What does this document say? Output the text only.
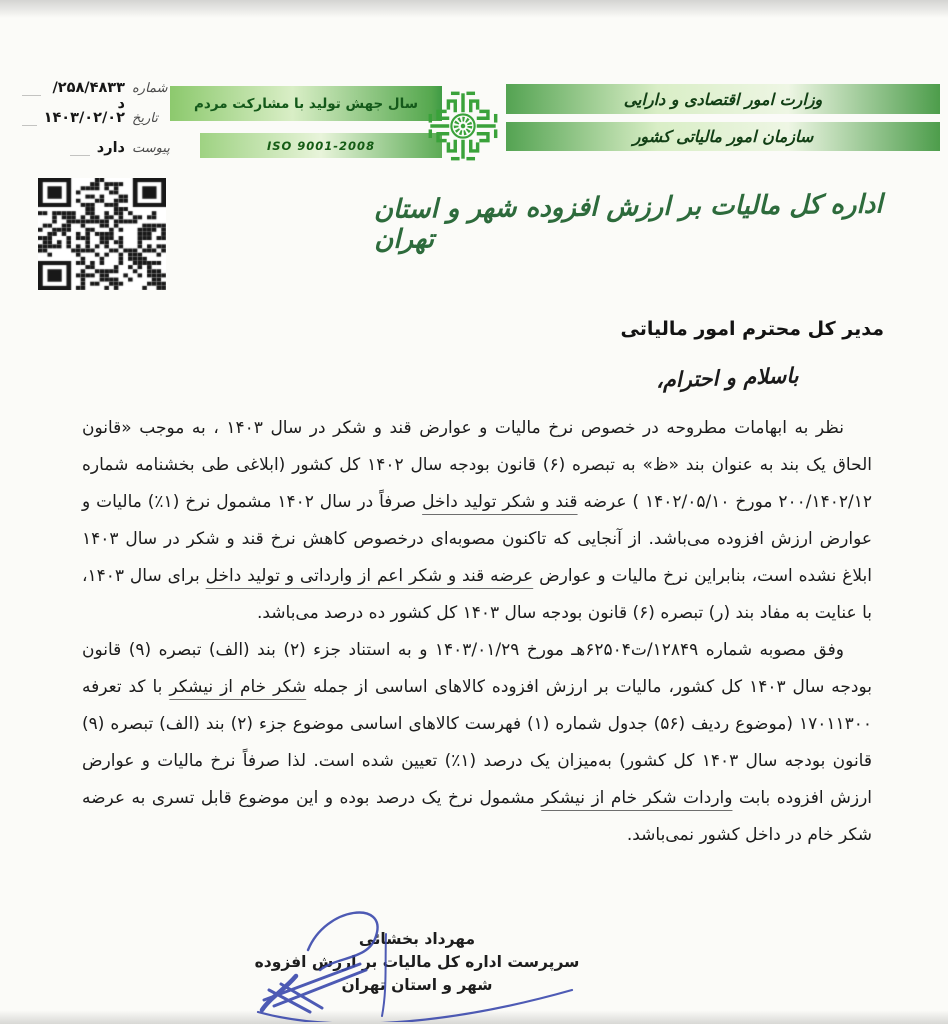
شماره
۲۵۸/۴۸۳۳/د
تاریخ
۱۴۰۳/۰۲/۰۲
پیوست
دارد
سال جهش تولید با مشارکت مردم
ISO 9001-2008
وزارت امور اقتصادی و دارایی
سازمان امور مالیاتی کشور
اداره کل مالیات بر ارزش افزوده شهر و استان تهران
مدیر کل محترم امور مالیاتی
باسلام و احترام،

نظر به ابهامات مطروحه در خصوص نرخ مالیات و عوارض قند و شکر در سال ۱۴۰۳ ، به موجب «قانون الحاق یک بند به عنوان بند «ظ» به تبصره (۶) قانون بودجه سال ۱۴۰۲ کل کشور (ابلاغی طی بخشنامه شماره ۲۰۰/۱۴۰۲/۱۲ مورخ ۱۴۰۲/۰۵/۱۰ ) عرضه قند و شکر تولید داخل صرفاً در سال ۱۴۰۲ مشمول نرخ (۱٪) مالیات و عوارض ارزش افزوده می‌باشد. از آنجایی که تاکنون مصوبه‌ای درخصوص کاهش نرخ قند و شکر در سال ۱۴۰۳ ابلاغ نشده است، بنابراین نرخ مالیات و عوارض عرضه قند و شکر اعم از وارداتی و تولید داخل برای سال ۱۴۰۳، با عنایت به مفاد بند (ر) تبصره (۶) قانون بودجه سال ۱۴۰۳ کل کشور ده درصد می‌باشد.

وفق مصوبه شماره ۱۲۸۴۹/ت۶۲۵۰۴هـ مورخ ۱۴۰۳/۰۱/۲۹ و به استناد جزء (۲) بند (الف) تبصره (۹) قانون بودجه سال ۱۴۰۳ کل کشور، مالیات بر ارزش افزوده کالاهای اساسی از جمله شکر خام از نیشکر با کد تعرفه ۱۷۰۱۱۳۰۰ (موضوع ردیف (۵۶) جدول شماره (۱) فهرست کالاهای اساسی موضوع جزء (۲) بند (الف) تبصره (۹) قانون بودجه سال ۱۴۰۳ کل کشور) به‌میزان یک درصد (۱٪) تعیین شده است. لذا صرفاً نرخ مالیات و عوارض ارزش افزوده بابت واردات شکر خام از نیشکر مشمول نرخ یک درصد بوده و این موضوع قابل تسری به عرضه شکر خام در داخل کشور نمی‌باشد.

مهرداد بخشائی
سرپرست اداره کل مالیات بر ارزش افزوده
شهر و استان تهران
